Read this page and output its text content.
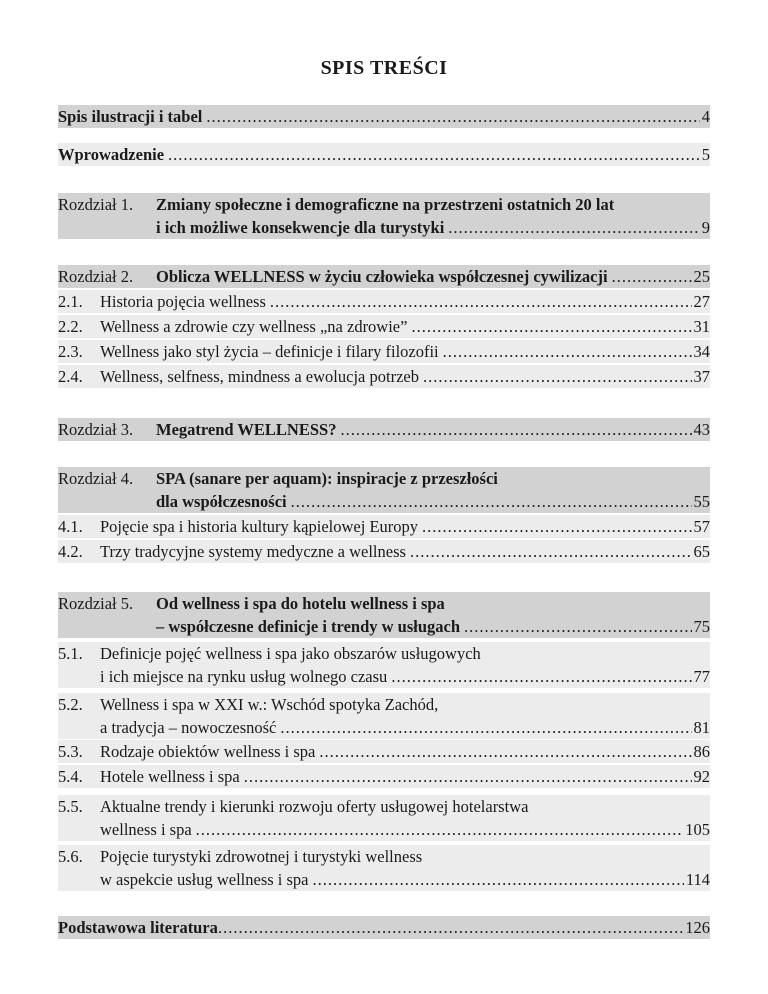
SPIS TREŚCI
Spis ilustracji i tabel .....	4
Wprowadzenie .....	5
Rozdział 1.	Zmiany społeczne i demograficzne na przestrzeni ostatnich 20 lat
i ich możliwe konsekwencje dla turystyki .....	9
Rozdział 2.	Oblicza WELLNESS w życiu człowieka współczesnej cywilizacji .....	25
2.1.	Historia pojęcia wellness .....	27
2.2.	Wellness a zdrowie czy wellness „na zdrowie” .....	31
2.3.	Wellness jako styl życia – definicje i filary filozofii .....	34
2.4.	Wellness, selfness, mindness a ewolucja potrzeb .....	37
Rozdział 3.	Megatrend WELLNESS? .....	43
Rozdział 4.	SPA (sanare per aquam): inspiracje z przeszłości
dla współczesności .....	55
4.1.	Pojęcie spa i historia kultury kąpielowej Europy .....	57
4.2.	Trzy tradycyjne systemy medyczne a wellness .....	65
Rozdział 5.	Od wellness i spa do hotelu wellness i spa
– współczesne definicje i trendy w usługach .....	75
5.1.	Definicje pojęć wellness i spa jako obszarów usługowych
i ich miejsce na rynku usług wolnego czasu .....	77
5.2.	Wellness i spa w XXI w.: Wschód spotyka Zachód,
a tradycja – nowoczesność .....	81
5.3.	Rodzaje obiektów wellness i spa .....	86
5.4.	Hotele wellness i spa .....	92
5.5.	Aktualne trendy i kierunki rozwoju oferty usługowej hotelarstwa
wellness i spa .....	105
5.6.	Pojęcie turystyki zdrowotnej i turystyki wellness
w aspekcie usług wellness i spa .....	114
Podstawowa literatura .....	126
